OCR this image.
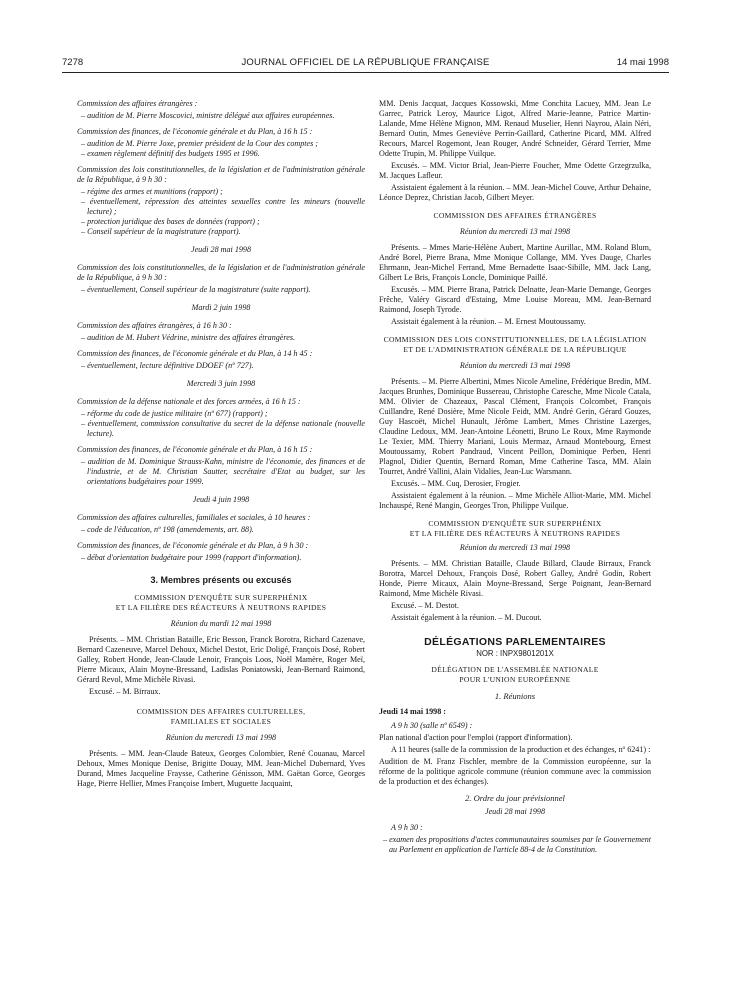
7278	JOURNAL OFFICIEL DE LA RÉPUBLIQUE FRANÇAISE	14 mai 1998

Commission des affaires étrangères :

– audition de M. Pierre Moscovici, ministre délégué aux affaires européennes.

Commission des finances, de l'économie générale et du Plan, à 16 h 15 :

– audition de M. Pierre Joxe, premier président de la Cour des comptes ;

– examen règlement définitif des budgets 1995 et 1996.

Commission des lois constitutionnelles, de la législation et de l'administration générale de la République, à 9 h 30 :

– régime des armes et munitions (rapport) ;

– éventuellement, répression des atteintes sexuelles contre les mineurs (nouvelle lecture) ;

– protection juridique des bases de données (rapport) ;

– Conseil supérieur de la magistrature (rapport).

Jeudi 28 mai 1998

Commission des lois constitutionnelles, de la législation et de l'administration générale de la République, à 9 h 30 :

– éventuellement, Conseil supérieur de la magistrature (suite rapport).

Mardi 2 juin 1998

Commission des affaires étrangères, à 16 h 30 :

– audition de M. Hubert Védrine, ministre des affaires étrangères.

Commission des finances, de l'économie générale et du Plan, à 14 h 45 :

– éventuellement, lecture définitive DDOEF (nº 727).

Mercredi 3 juin 1998

Commission de la défense nationale et des forces armées, à 16 h 15 :

– réforme du code de justice militaire (nº 677) (rapport) ;

– éventuellement, commission consultative du secret de la défense nationale (nouvelle lecture).

Commission des finances, de l'économie générale et du Plan, à 16 h 15 :

– audition de M. Dominique Strauss-Kahn, ministre de l'économie, des finances et de l'industrie, et de M. Christian Sautter, secrétaire d'Etat au budget, sur les orientations budgétaires pour 1999.

Jeudi 4 juin 1998

Commission des affaires culturelles, familiales et sociales, à 10 heures :

– code de l'éducation, nº 198 (amendements, art. 88).

Commission des finances, de l'économie générale et du Plan, à 9 h 30 :

– débat d'orientation budgétaire pour 1999 (rapport d'information).

3. Membres présents ou excusés

COMMISSION D'ENQUÊTE SUR SUPERPHÉNIX

ET LA FILIÈRE DES RÉACTEURS À NEUTRONS RAPIDES

Réunion du mardi 12 mai 1998

Présents. – MM. Christian Bataille, Eric Besson, Franck Borotra, Richard Cazenave, Bernard Cazeneuve, Marcel Dehoux, Michel Destot, Eric Doligé, François Dosé, Robert Galley, Robert Honde, Jean-Claude Lenoir, François Loos, Noël Mamère, Roger Meï, Pierre Micaux, Alain Moyne-Bressand, Ladislas Poniatowski, Jean-Bernard Raimond, Gérard Revol, Mme Michèle Rivasi.

Excusé. – M. Birraux.

COMMISSION DES AFFAIRES CULTURELLES,

FAMILIALES ET SOCIALES

Réunion du mercredi 13 mai 1998

Présents. – MM. Jean-Claude Bateux, Georges Colombier, René Couanau, Marcel Dehoux, Mmes Monique Denise, Brigitte Douay, MM. Jean-Michel Dubernard, Yves Durand, Mmes Jacqueline Fraysse, Catherine Génisson, MM. Gaëtan Gorce, Georges Hage, Pierre Hellier, Mmes Françoise Imbert, Muguette Jacquaint,

MM. Denis Jacquat, Jacques Kossowski, Mme Conchita Lacuey, MM. Jean Le Garrec, Patrick Leroy, Maurice Ligot, Alfred Marie-Jeanne, Patrice Martin-Lalande, Mme Hélène Mignon, MM. Renaud Muselier, Henri Nayrou, Alain Néri, Bernard Outin, Mmes Geneviève Perrin-Gaillard, Catherine Picard, MM. Alfred Recours, Marcel Rogemont, Jean Rouger, André Schneider, Gérard Terrier, Mme Odette Trupin, M. Philippe Vuilque.

Excusés. – MM. Victor Brial, Jean-Pierre Foucher, Mme Odette Grzegrzulka, M. Jacques Lafleur.

Assistaient également à la réunion. – MM. Jean-Michel Couve, Arthur Dehaine, Léonce Deprez, Christian Jacob, Gilbert Meyer.

COMMISSION DES AFFAIRES ÉTRANGÈRES

Réunion du mercredi 13 mai 1998

Présents. – Mmes Marie-Hélène Aubert, Martine Aurillac, MM. Roland Blum, André Borel, Pierre Brana, Mme Monique Collange, MM. Yves Dauge, Charles Ehrmann, Jean-Michel Ferrand, Mme Bernadette Isaac-Sibille, MM. Jack Lang, Gilbert Le Bris, François Loncle, Dominique Paillé.

Excusés. – MM. Pierre Brana, Patrick Delnatte, Jean-Marie Demange, Georges Frêche, Valéry Giscard d'Estaing, Mme Louise Moreau, MM. Jean-Bernard Raimond, Joseph Tyrode.

Assistait également à la réunion. – M. Ernest Moutoussamy.

COMMISSION DES LOIS CONSTITUTIONNELLES, DE LA LÉGISLATION ET DE L'ADMINISTRATION GÉNÉRALE DE LA RÉPUBLIQUE

Réunion du mercredi 13 mai 1998

Présents. – M. Pierre Albertini, Mmes Nicole Ameline, Frédérique Bredin, MM. Jacques Brunhes, Dominique Bussereau, Christophe Caresche, Mme Nicole Catala, MM. Olivier de Chazeaux, Pascal Clément, François Colcombet, François Cuillandre, René Dosière, Mme Nicole Feidt, MM. André Gerin, Gérard Gouzes, Guy Hascoët, Michel Hunault, Jérôme Lambert, Mmes Christine Lazerges, Claudine Ledoux, MM. Jean-Antoine Léonetti, Bruno Le Roux, Mme Raymonde Le Texier, MM. Thierry Mariani, Louis Mermaz, Arnaud Montebourg, Ernest Moutoussamy, Robert Pandraud, Vincent Peillon, Dominique Perben, Henri Plagnol, Didier Quentin, Bernard Roman, Mme Catherine Tasca, MM. Alain Tourret, André Vallini, Alain Vidalies, Jean-Luc Warsmann.

Excusés. – MM. Cuq, Derosier, Frogier.

Assistaient également à la réunion. – Mme Michèle Alliot-Marie, MM. Michel Inchauspé, René Mangin, Georges Tron, Philippe Vuilque.

COMMISSION D'ENQUÊTE SUR SUPERPHÉNIX

ET LA FILIÈRE DES RÉACTEURS À NEUTRONS RAPIDES

Réunion du mercredi 13 mai 1998

Présents. – MM. Christian Bataille, Claude Billard, Claude Birraux, Franck Borotra, Marcel Dehoux, François Dosé, Robert Galley, André Godin, Robert Honde, Pierre Micaux, Alain Moyne-Bressand, Serge Poignant, Jean-Bernard Raimond, Mme Michèle Rivasi.

Excusé. – M. Destot.

Assistait également à la réunion. – M. Ducout.

DÉLÉGATIONS PARLEMENTAIRES

NOR : INPX9801201X

DÉLÉGATION DE L'ASSEMBLÉE NATIONALE

POUR L'UNION EUROPÉENNE

1. Réunions

Jeudi 14 mai 1998 :

A 9 h 30 (salle nº 6549) :

Plan national d'action pour l'emploi (rapport d'information).

A 11 heures (salle de la commission de la production et des échanges, nº 6241) :

Audition de M. Franz Fischler, membre de la Commission européenne, sur la réforme de la politique agricole commune (réunion commune avec la commission de la production et des échanges).

2. Ordre du jour prévisionnel

Jeudi 28 mai 1998

A 9 h 30 :

– examen des propositions d'actes communautaires soumises par le Gouvernement au Parlement en application de l'article 88-4 de la Constitution.
